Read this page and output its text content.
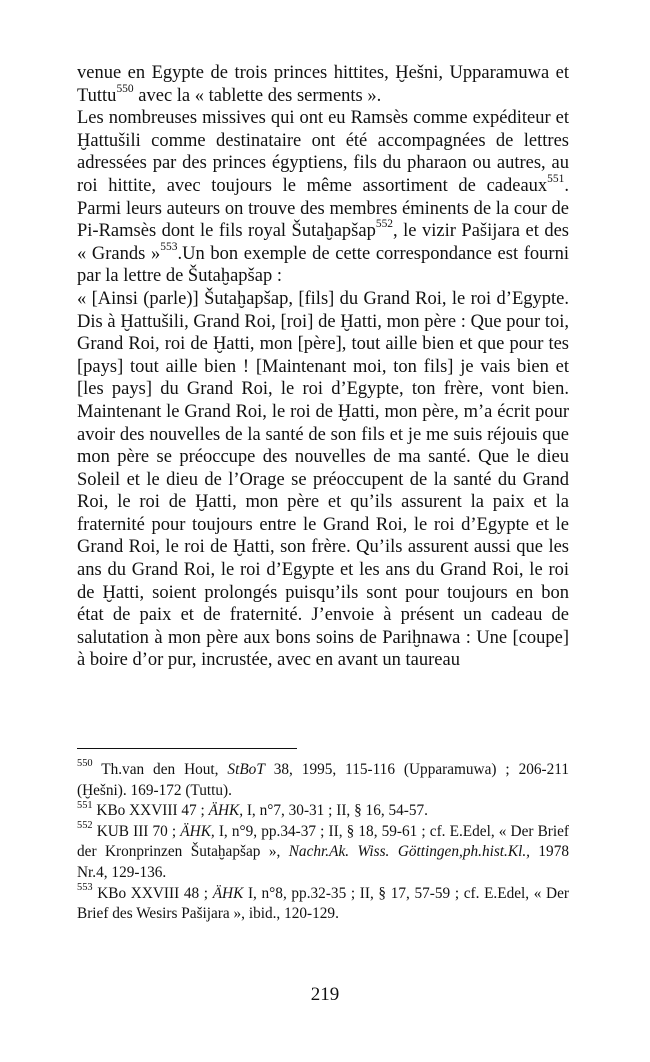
venue en Egypte de trois princes hittites, Ḫešni, Upparamuwa et Tuttu$^{550}$ avec la « tablette des serments ».

Les nombreuses missives qui ont eu Ramsès comme expéditeur et Ḫattušili comme destinataire ont été accompagnées de lettres adressées par des princes égyptiens, fils du pharaon ou autres, au roi hittite, avec toujours le même assortiment de cadeaux$^{551}$. Parmi leurs auteurs on trouve des membres éminents de la cour de Pi-Ramsès dont le fils royal Šutaḫapšap$^{552}$, le vizir Pašijara et des « Grands »$^{553}$.Un bon exemple de cette correspondance est fourni par la lettre de Šutaḫapšap :

« [Ainsi (parle)] Šutaḫapšap, [fils] du Grand Roi, le roi d’Egypte. Dis à Ḫattušili, Grand Roi, [roi] de Ḫatti, mon père : Que pour toi, Grand Roi, roi de Ḫatti, mon [père], tout aille bien et que pour tes [pays] tout aille bien ! [Maintenant moi, ton fils] je vais bien et [les pays] du Grand Roi, le roi d’Egypte, ton frère, vont bien. Maintenant le Grand Roi, le roi de Ḫatti, mon père, m’a écrit pour avoir des nouvelles de la santé de son fils et je me suis réjouis que mon père se préoccupe des nouvelles de ma santé. Que le dieu Soleil et le dieu de l’Orage se préoccupent de la santé du Grand Roi, le roi de Ḫatti, mon père et qu’ils assurent la paix et la fraternité pour toujours entre le Grand Roi, le roi d’Egypte et le Grand Roi, le roi de Ḫatti, son frère. Qu’ils assurent aussi que les ans du Grand Roi, le roi d’Egypte et les ans du Grand Roi, le roi de Ḫatti, soient prolongés puisqu’ils sont pour toujours en bon état de paix et de fraternité. J’envoie à présent un cadeau de salutation à mon père aux bons soins de Pariḫnawa : Une [coupe] à boire d’or pur, incrustée, avec en avant un taureau

$^{550}$ Th.van den Hout, StBoT 38, 1995, 115-116 (Upparamuwa) ; 206-211 (Ḫešni). 169-172 (Tuttu).

$^{551}$ KBo XXVIII 47 ; ÄHK, I, n°7, 30-31 ; II, § 16, 54-57.

$^{552}$ KUB III 70 ; ÄHK, I, n°9, pp.34-37 ; II, § 18, 59-61 ; cf. E.Edel, « Der Brief der Kronprinzen Šutaḫapšap », Nachr.Ak. Wiss. Göttingen,ph.hist.Kl., 1978 Nr.4, 129-136.

$^{553}$ KBo XXVIII 48 ; ÄHK I, n°8, pp.32-35 ; II, § 17, 57-59 ; cf. E.Edel, « Der Brief des Wesirs Pašijara », ibid., 120-129.

219
